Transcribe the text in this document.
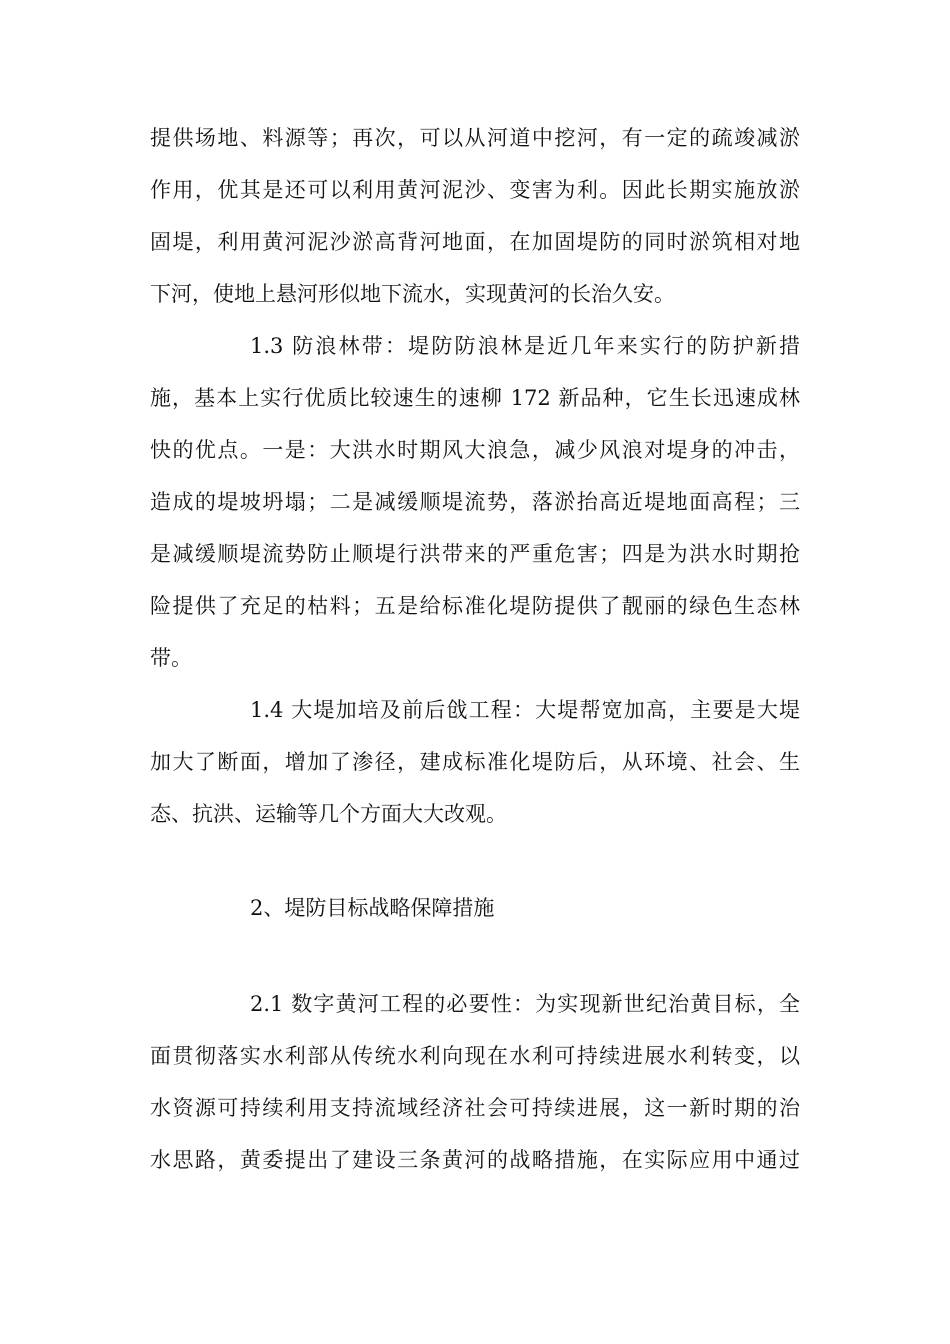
提供场地、料源等；再次，可以从河道中挖河，有一定的疏竣减淤
作用，优其是还可以利用黄河泥沙、变害为利。因此长期实施放淤
固堤，利用黄河泥沙淤高背河地面，在加固堤防的同时淤筑相对地
下河，使地上悬河形似地下流水，实现黄河的长治久安。
1.3 防浪林带：堤防防浪林是近几年来实行的防护新措
施，基本上实行优质比较速生的速柳 172 新品种，它生长迅速成林
快的优点。一是：大洪水时期风大浪急，减少风浪对堤身的冲击，
造成的堤坡坍塌；二是减缓顺堤流势，落淤抬高近堤地面高程；三
是减缓顺堤流势防止顺堤行洪带来的严重危害；四是为洪水时期抢
险提供了充足的枯料；五是给标准化堤防提供了靓丽的绿色生态林
带。
1.4 大堤加培及前后戗工程：大堤帮宽加高，主要是大堤
加大了断面，增加了渗径，建成标准化堤防后，从环境、社会、生
态、抗洪、运输等几个方面大大改观。
2、堤防目标战略保障措施
2.1 数字黄河工程的必要性：为实现新世纪治黄目标，全
面贯彻落实水利部从传统水利向现在水利可持续进展水利转变，以
水资源可持续利用支持流域经济社会可持续进展，这一新时期的治
水思路，黄委提出了建设三条黄河的战略措施，在实际应用中通过
